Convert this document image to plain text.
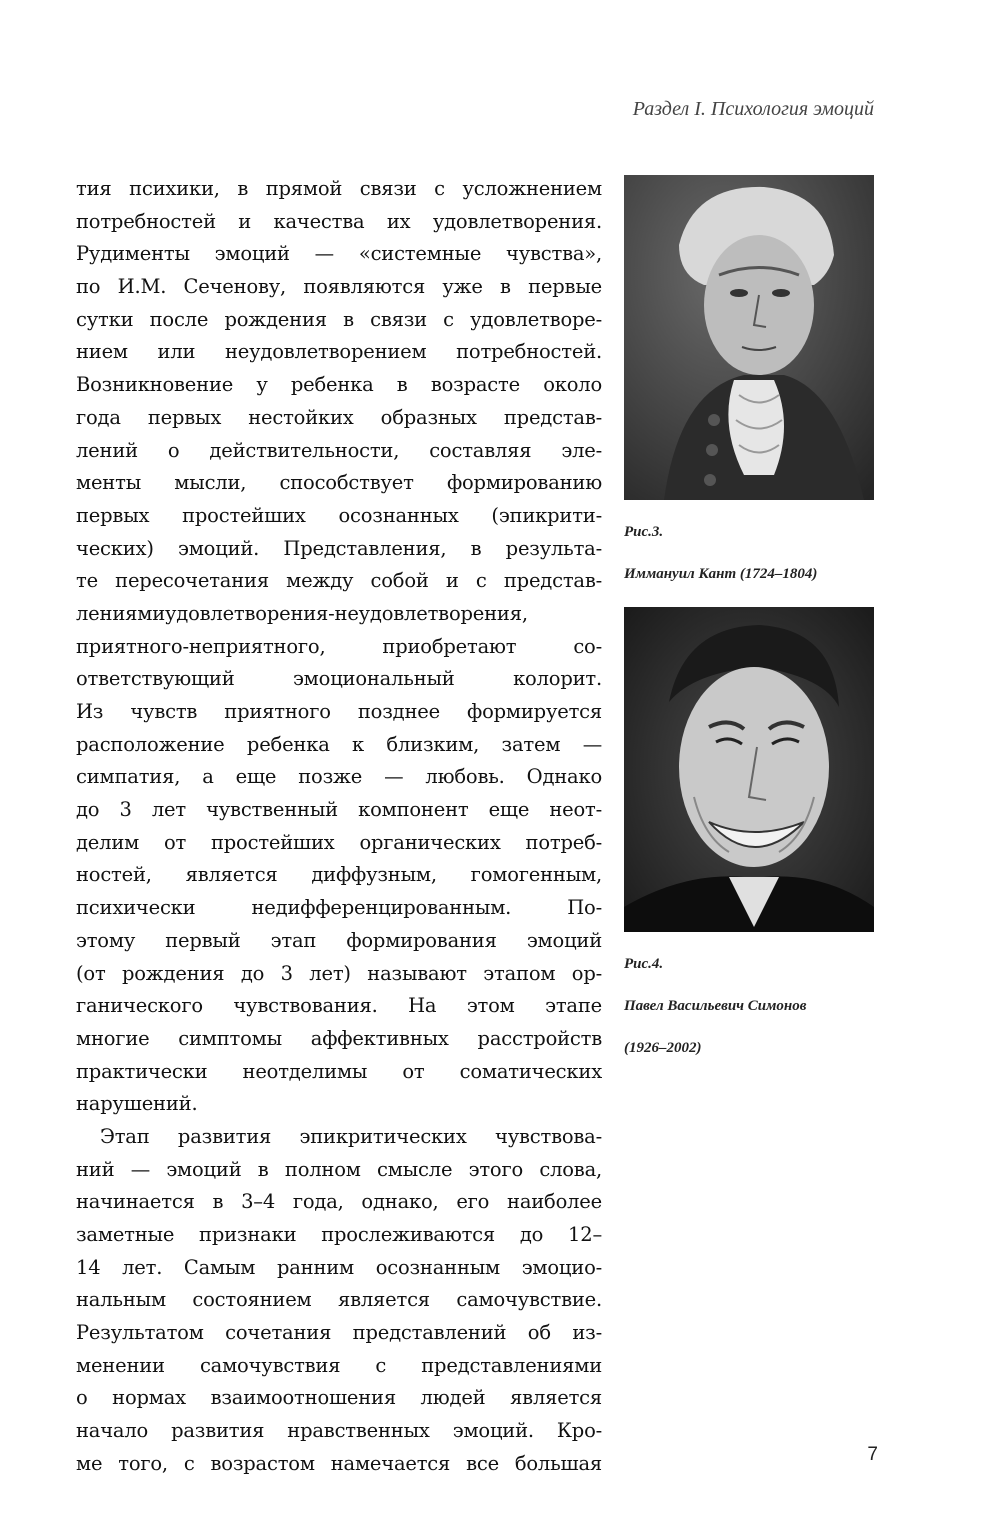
Раздел I. Психология эмоций
тия психики, в прямой связи с усложнением
потребностей и качества их удовлетворения.
Рудименты эмоций — «системные чувства»,
по И.М. Сеченову, появляются уже в первые
сутки после рождения в связи с удовлетворе-
нием или неудовлетворением потребностей.
Возникновение у ребенка в возрасте около
года первых нестойких образных представ-
лений о действительности, составляя эле-
менты мысли, способствует формированию
первых простейших осознанных (эпикрити-
ческих) эмоций. Представления, в результа-
те пересочетания между собой и с представ-
лениямиудовлетворения-неудовлетворения,
приятного-неприятного, приобретают со-
ответствующий эмоциональный колорит.
Из чувств приятного позднее формируется
расположение ребенка к близким, затем —
симпатия, а еще позже — любовь. Однако
до 3 лет чувственный компонент еще неот-
делим от простейших органических потреб-
ностей, является диффузным, гомогенным,
психически недифференцированным. По-
этому первый этап формирования эмоций
(от рождения до 3 лет) называют этапом ор-
ганического чувствования. На этом этапе
многие симптомы аффективных расстройств
практически неотделимы от соматических
нарушений.
Этап развития эпикритических чувствова-
ний — эмоций в полном смысле этого слова,
начинается в 3–4 года, однако, его наиболее
заметные признаки прослеживаются до 12–
14 лет. Самым ранним осознанным эмоцио-
нальным состоянием является самочувствие.
Результатом сочетания представлений об из-
менении самочувствия с представлениями
о нормах взаимоотношения людей является
начало развития нравственных эмоций. Кро-
ме того, с возрастом намечается все большая
Рис.3.
Иммануил Кант (1724–1804)
Рис.4.
Павел Васильевич Симонов
(1926–2002)
7
